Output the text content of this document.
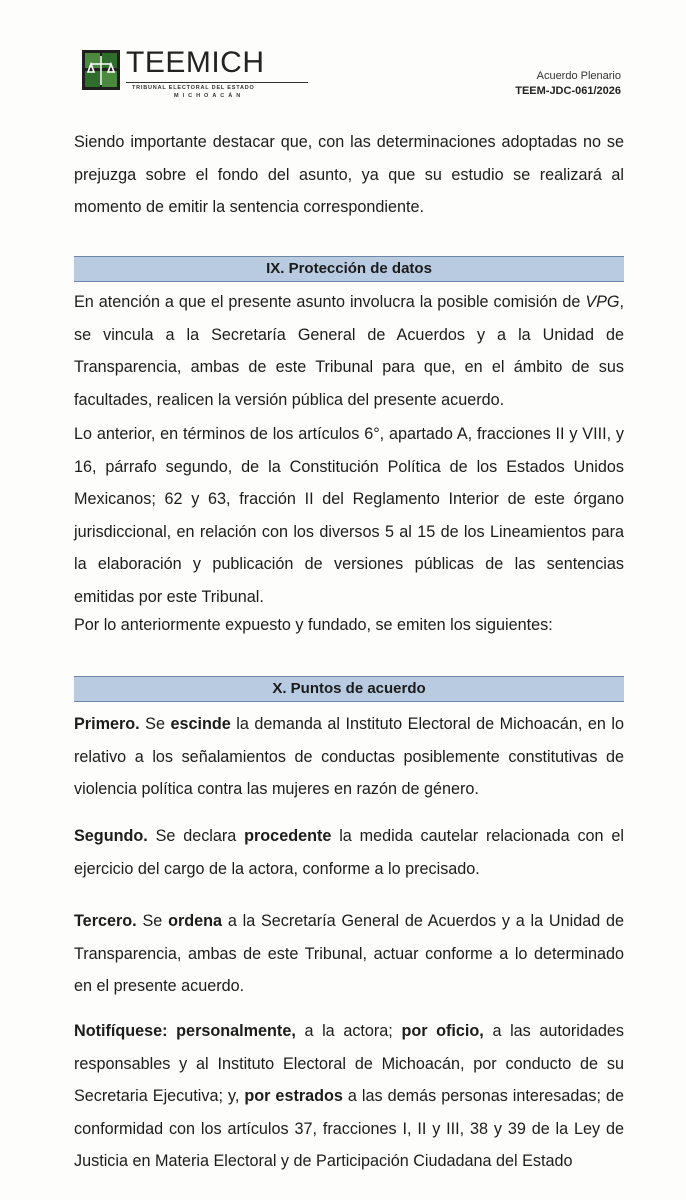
TEEMICH
TRIBUNAL ELECTORAL DEL ESTADO
MICHOACÁN
Acuerdo Plenario
TEEM-JDC-061/2026

Siendo importante destacar que, con las determinaciones adoptadas no se prejuzga sobre el fondo del asunto, ya que su estudio se realizará al momento de emitir la sentencia correspondiente.

IX. Protección de datos

En atención a que el presente asunto involucra la posible comisión de VPG, se vincula a la Secretaría General de Acuerdos y a la Unidad de Transparencia, ambas de este Tribunal para que, en el ámbito de sus facultades, realicen la versión pública del presente acuerdo.

Lo anterior, en términos de los artículos 6°, apartado A, fracciones II y VIII, y 16, párrafo segundo, de la Constitución Política de los Estados Unidos Mexicanos; 62 y 63, fracción II del Reglamento Interior de este órgano jurisdiccional, en relación con los diversos 5 al 15 de los Lineamientos para la elaboración y publicación de versiones públicas de las sentencias emitidas por este Tribunal.

Por lo anteriormente expuesto y fundado, se emiten los siguientes:

X. Puntos de acuerdo

Primero. Se escinde la demanda al Instituto Electoral de Michoacán, en lo relativo a los señalamientos de conductas posiblemente constitutivas de violencia política contra las mujeres en razón de género.

Segundo. Se declara procedente la medida cautelar relacionada con el ejercicio del cargo de la actora, conforme a lo precisado.

Tercero. Se ordena a la Secretaría General de Acuerdos y a la Unidad de Transparencia, ambas de este Tribunal, actuar conforme a lo determinado en el presente acuerdo.

Notifíquese: personalmente, a la actora; por oficio, a las autoridades responsables y al Instituto Electoral de Michoacán, por conducto de su Secretaria Ejecutiva; y, por estrados a las demás personas interesadas; de conformidad con los artículos 37, fracciones I, II y III, 38 y 39 de la Ley de Justicia en Materia Electoral y de Participación Ciudadana del Estado
